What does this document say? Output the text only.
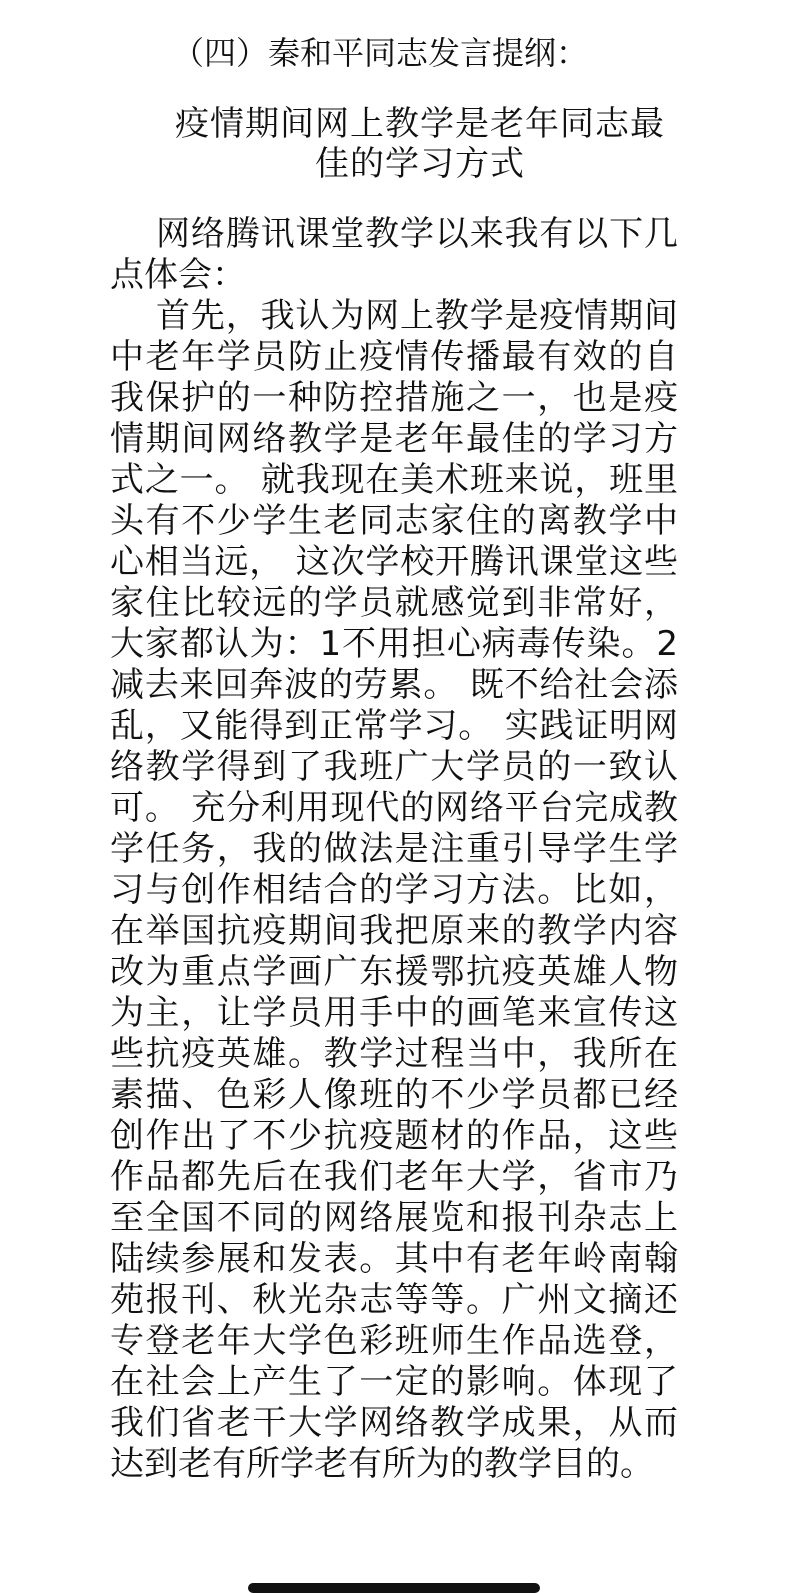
（四）秦和平同志发言提纲：
疫情期间网上教学是老年同志最佳的学习方式

网络腾讯课堂教学以来我有以下几点体会：

首先，我认为网上教学是疫情期间中老年学员防止疫情传播最有效的自我保护的一种防控措施之一，也是疫情期间网络教学是老年最佳的学习方式之一。 就我现在美术班来说，班里头有不少学生老同志家住的离教学中心相当远， 这次学校开腾讯课堂这些家住比较远的学员就感觉到非常好，大家都认为：1不用担心病毒传染。2减去来回奔波的劳累。 既不给社会添乱，又能得到正常学习。 实践证明网络教学得到了我班广大学员的一致认可。 充分利用现代的网络平台完成教学任务，我的做法是注重引导学生学习与创作相结合的学习方法。比如，在举国抗疫期间我把原来的教学内容改为重点学画广东援鄂抗疫英雄人物为主，让学员用手中的画笔来宣传这些抗疫英雄。教学过程当中，我所在素描、色彩人像班的不少学员都已经创作出了不少抗疫题材的作品，这些作品都先后在我们老年大学，省市乃至全国不同的网络展览和报刊杂志上陆续参展和发表。其中有老年岭南翰苑报刊、秋光杂志等等。广州文摘还专登老年大学色彩班师生作品选登，在社会上产生了一定的影响。体现了我们省老干大学网络教学成果，从而达到老有所学老有所为的教学目的。
